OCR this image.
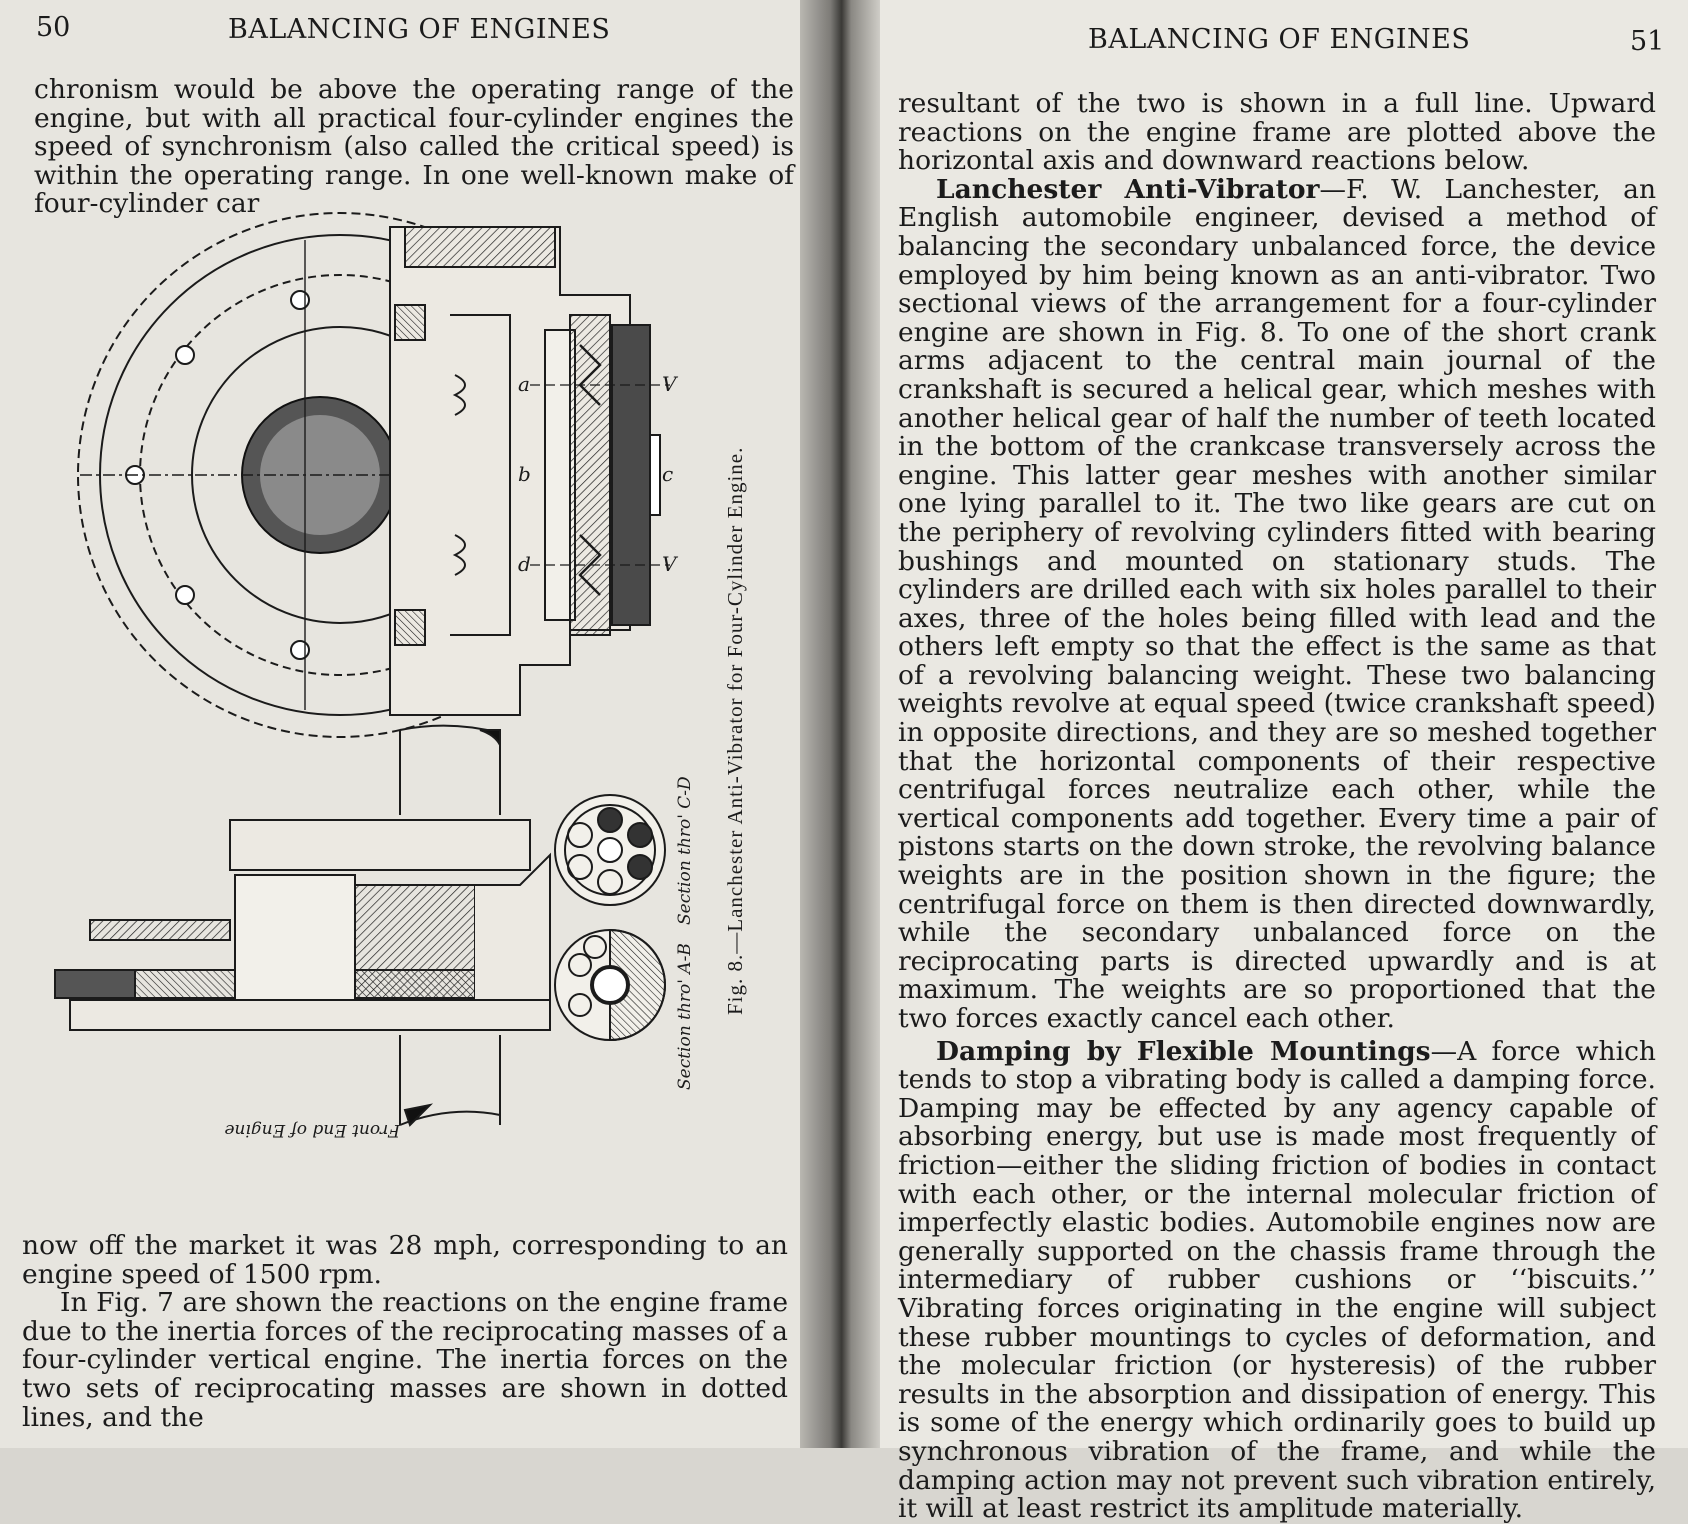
50	BALANCING OF ENGINES

chronism would be above the operating range of the engine, but with all practical four-cylinder engines the speed of synchronism (also called the critical speed) is within the operating range. In one well-known make of four-cylinder car

a
b
d
V
V
c
Section thro' C-D
Section thro' A-B
Front End of Engine
Fig. 8.—Lanchester Anti-Vibrator for Four-Cylinder Engine.

now off the market it was 28 mph, corresponding to an engine speed of 1500 rpm.

In Fig. 7 are shown the reactions on the engine frame due to the inertia forces of the reciprocating masses of a four-cylinder vertical engine. The inertia forces on the two sets of reciprocating masses are shown in dotted lines, and the

BALANCING OF ENGINES	51

resultant of the two is shown in a full line. Upward reactions on the engine frame are plotted above the horizontal axis and downward reactions below.

Lanchester Anti-Vibrator—F. W. Lanchester, an English automobile engineer, devised a method of balancing the secondary unbalanced force, the device employed by him being known as an anti-vibrator. Two sectional views of the arrangement for a four-cylinder engine are shown in Fig. 8. To one of the short crank arms adjacent to the central main journal of the crankshaft is secured a helical gear, which meshes with another helical gear of half the number of teeth located in the bottom of the crankcase transversely across the engine. This latter gear meshes with another similar one lying parallel to it. The two like gears are cut on the periphery of revolving cylinders fitted with bearing bushings and mounted on stationary studs. The cylinders are drilled each with six holes parallel to their axes, three of the holes being filled with lead and the others left empty so that the effect is the same as that of a revolving balancing weight. These two balancing weights revolve at equal speed (twice crankshaft speed) in opposite directions, and they are so meshed together that the horizontal components of their respective centrifugal forces neutralize each other, while the vertical components add together. Every time a pair of pistons starts on the down stroke, the revolving balance weights are in the position shown in the figure; the centrifugal force on them is then directed downwardly, while the secondary unbalanced force on the reciprocating parts is directed upwardly and is at maximum. The weights are so proportioned that the two forces exactly cancel each other.

Damping by Flexible Mountings—A force which tends to stop a vibrating body is called a damping force. Damping may be effected by any agency capable of absorbing energy, but use is made most frequently of friction—either the sliding friction of bodies in contact with each other, or the internal molecular friction of imperfectly elastic bodies. Automobile engines now are generally supported on the chassis frame through the intermediary of rubber cushions or ‘‘biscuits.’’ Vibrating forces originating in the engine will subject these rubber mountings to cycles of deformation, and the molecular friction (or hysteresis) of the rubber results in the absorption and dissipation of energy. This is some of the energy which ordinarily goes to build up synchronous vibration of the frame, and while the damping action may not prevent such vibration entirely, it will at least restrict its amplitude materially.
